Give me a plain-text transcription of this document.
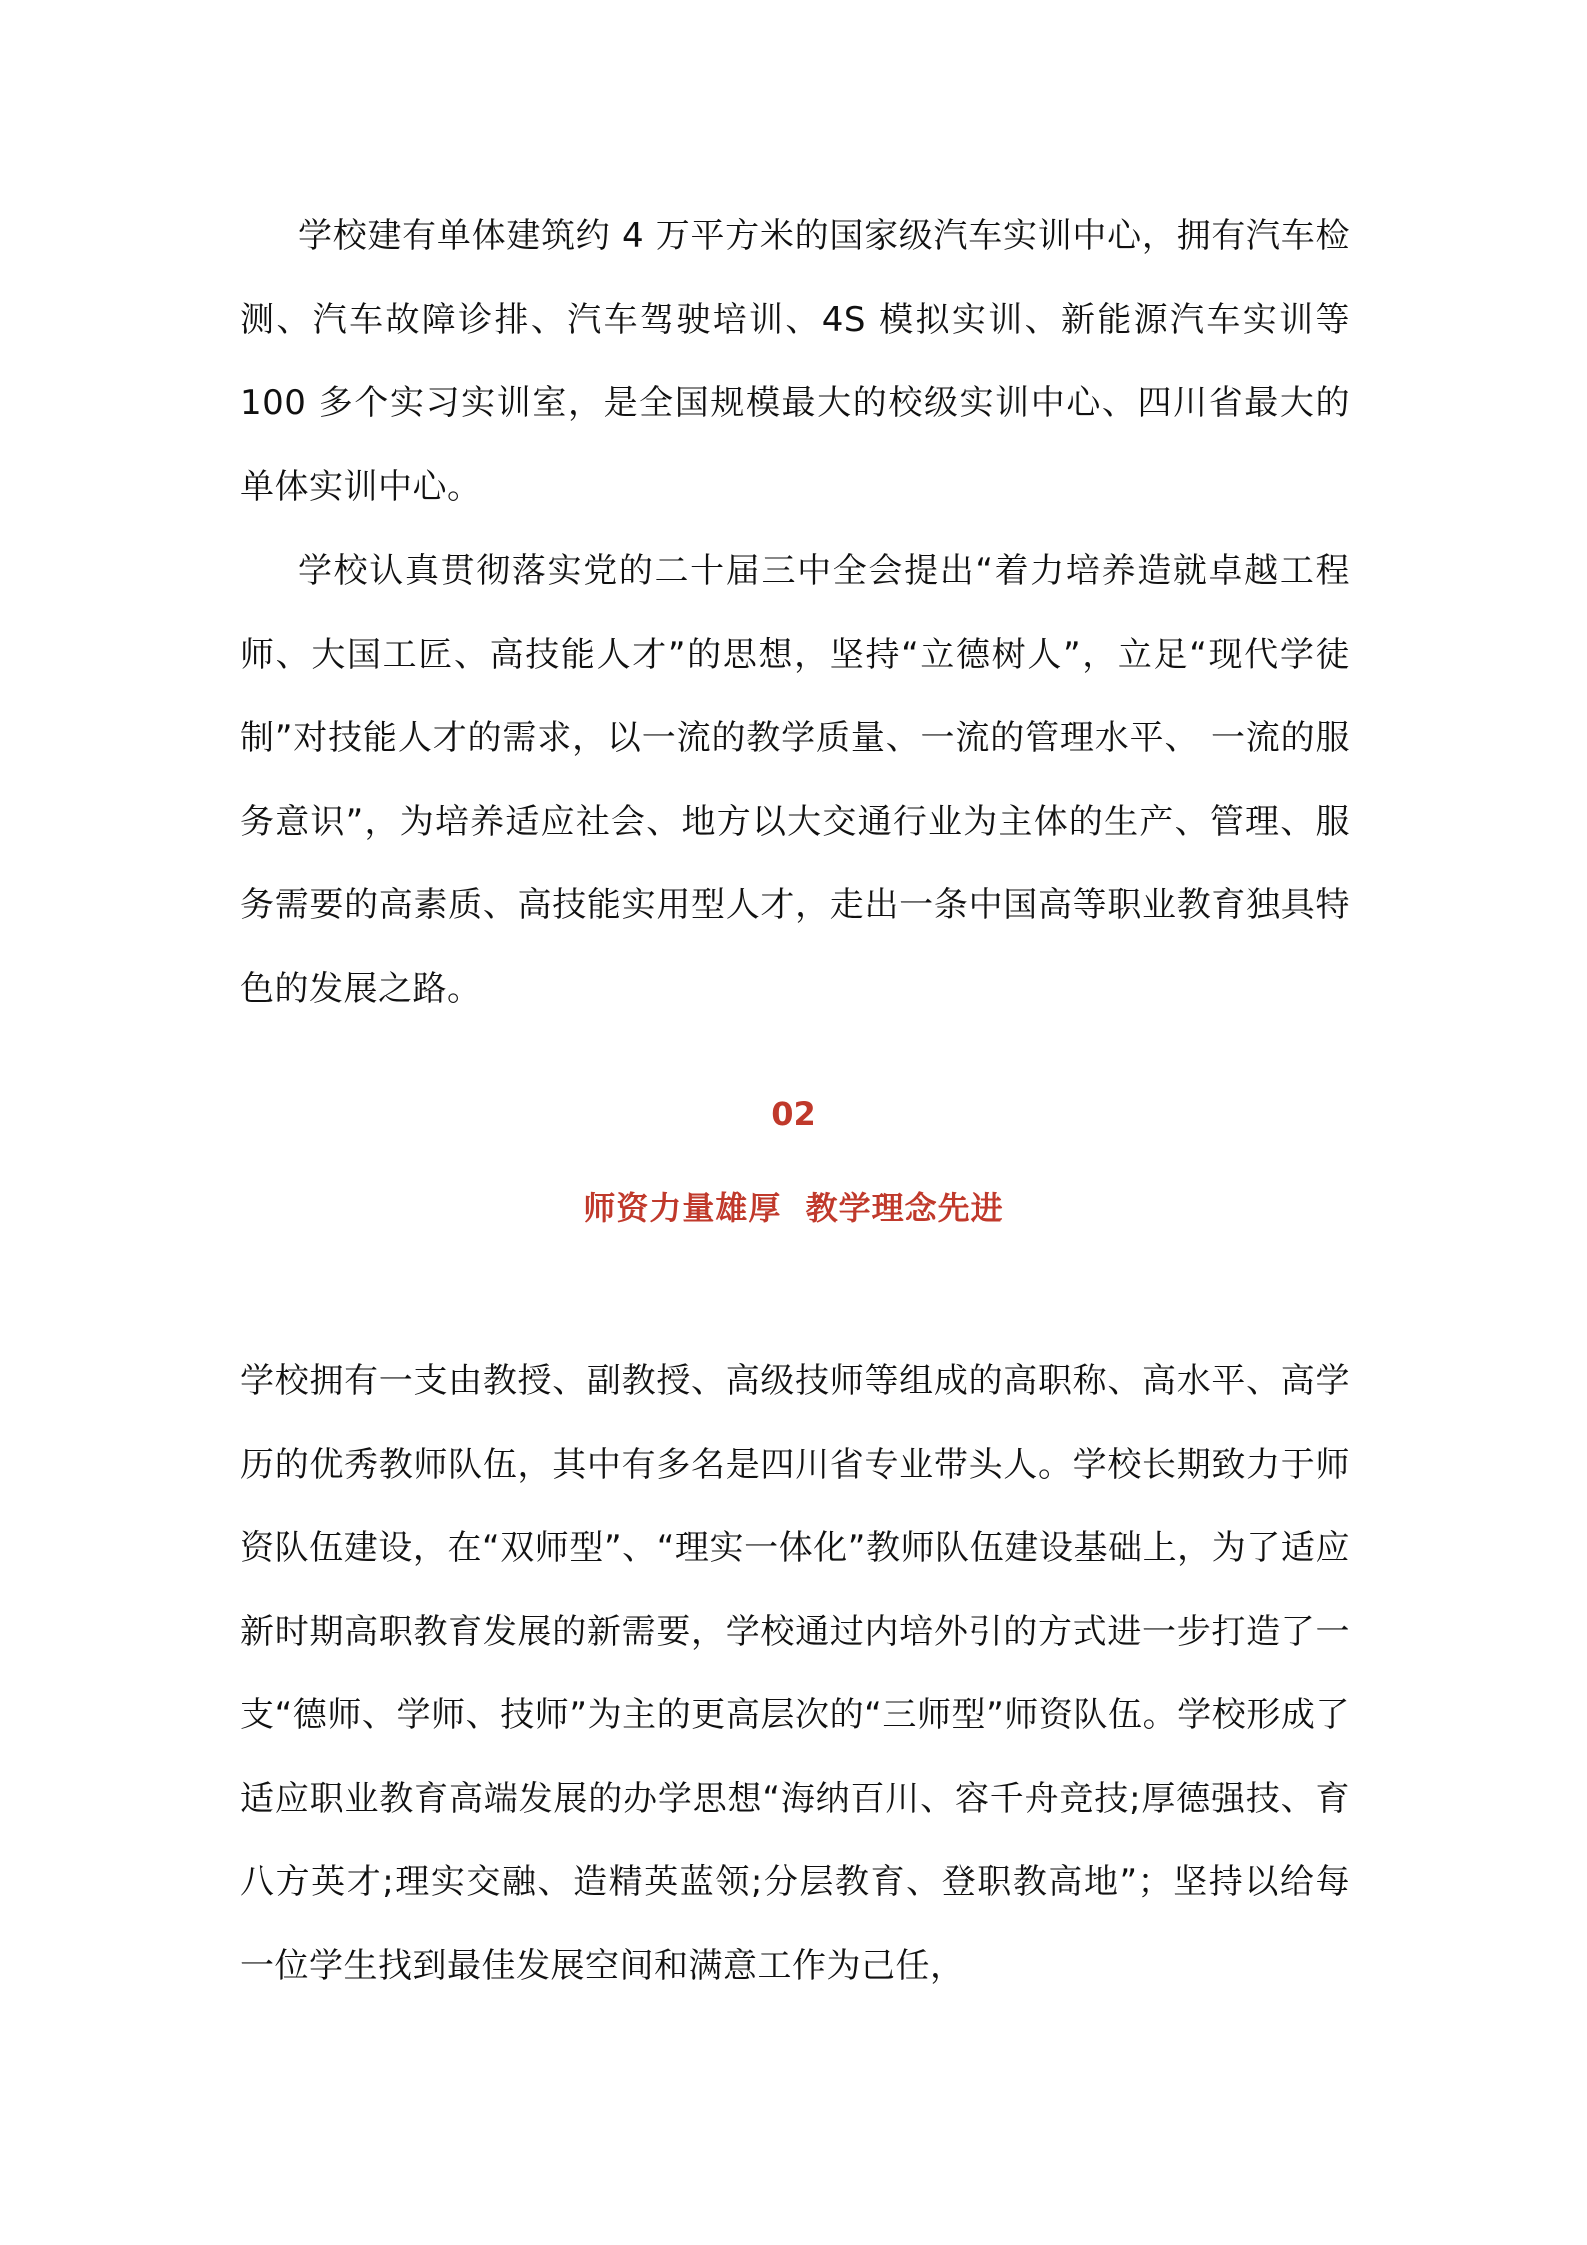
学校建有单体建筑约 4 万平方米的国家级汽车实训中心，拥有汽车检测、汽车故障诊排、汽车驾驶培训、4S 模拟实训、新能源汽车实训等 100 多个实习实训室，是全国规模最大的校级实训中心、四川省最大的单体实训中心。

学校认真贯彻落实党的二十届三中全会提出“着力培养造就卓越工程师、大国工匠、高技能人才”的思想，坚持“立德树人”，立足“现代学徒制”对技能人才的需求，以一流的教学质量、一流的管理水平、 一流的服务意识”，为培养适应社会、地方以大交通行业为主体的生产、管理、服务需要的高素质、高技能实用型人才，走出一条中国高等职业教育独具特色的发展之路。

02
师资力量雄厚  教学理念先进

学校拥有一支由教授、副教授、高级技师等组成的高职称、高水平、高学历的优秀教师队伍，其中有多名是四川省专业带头人。学校长期致力于师资队伍建设，在“双师型”、“理实一体化”教师队伍建设基础上，为了适应新时期高职教育发展的新需要，学校通过内培外引的方式进一步打造了一支“德师、学师、技师”为主的更高层次的“三师型”师资队伍。学校形成了适应职业教育高端发展的办学思想“海纳百川、容千舟竞技;厚德强技、育八方英才;理实交融、造精英蓝领;分层教育、登职教高地”；坚持以给每一位学生找到最佳发展空间和满意工作为己任，
